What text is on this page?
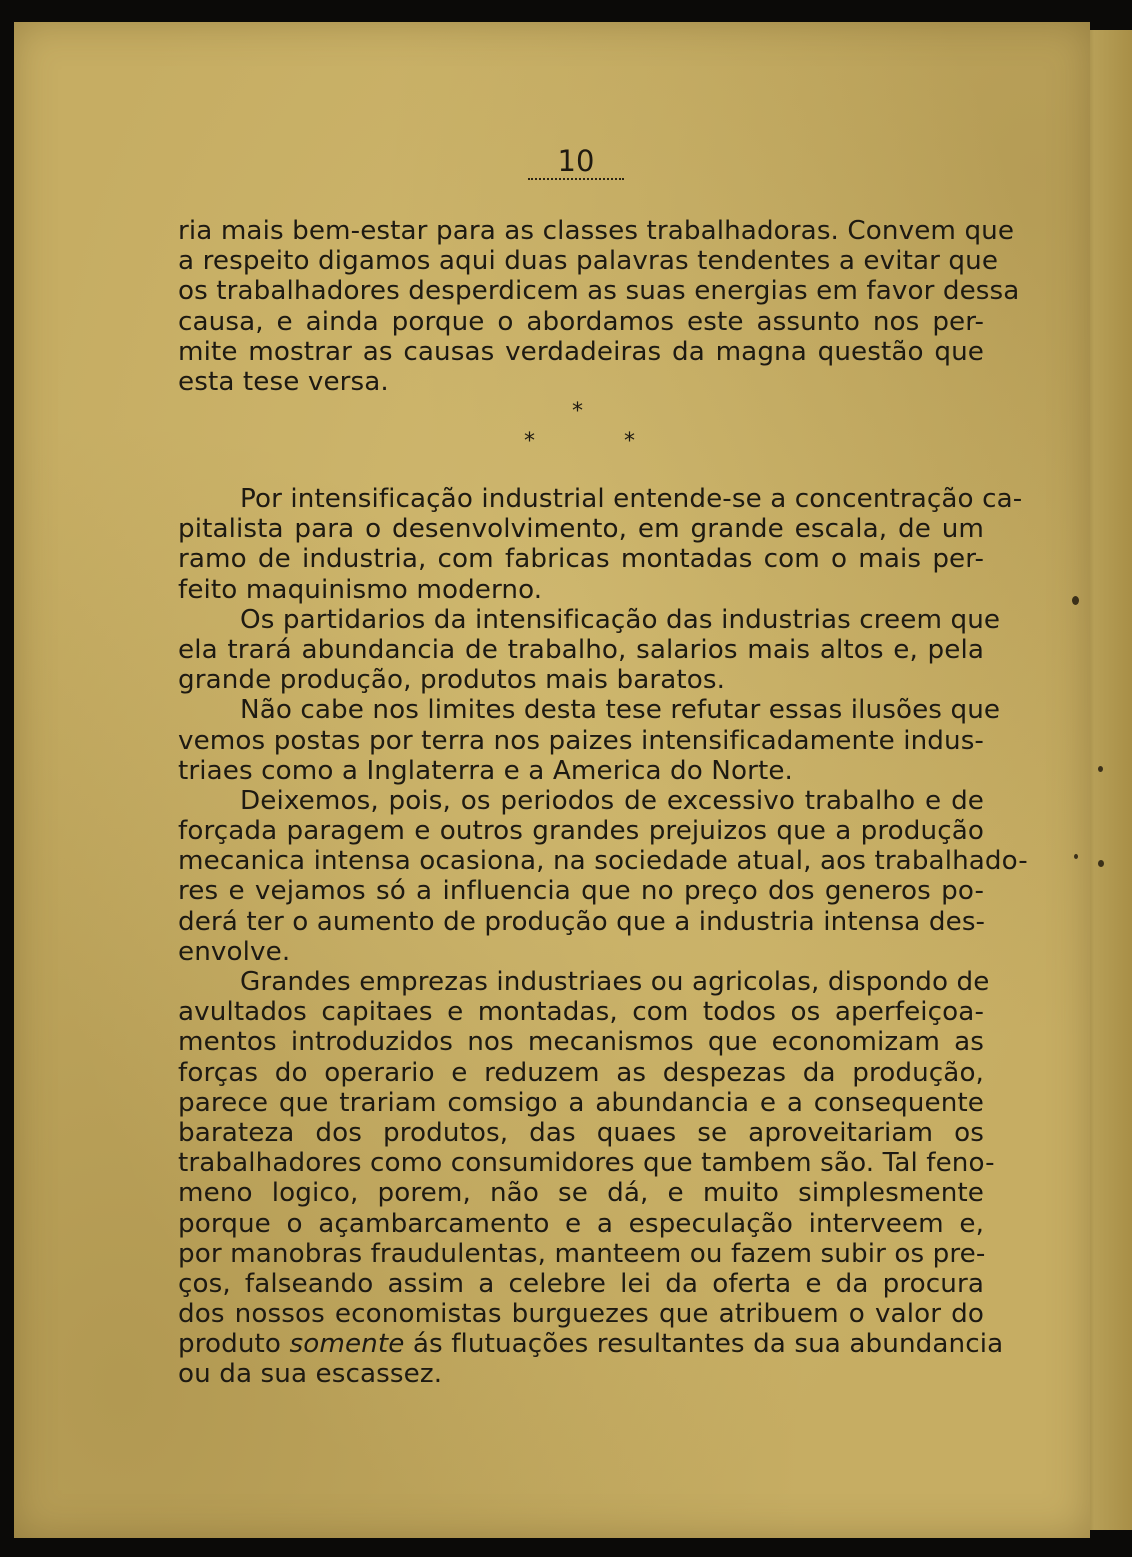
10
ria mais bem-estar para as classes trabalhadoras. Convem que
a respeito digamos aqui duas palavras tendentes a evitar que
os trabalhadores desperdicem as suas energias em favor dessa
causa, e ainda porque o abordamos este assunto nos per-
mite mostrar as causas verdadeiras da magna questão que
esta tese versa.
*
*	*
Por intensificação industrial entende-se a concentração ca-
pitalista para o desenvolvimento, em grande escala, de um
ramo de industria, com fabricas montadas com o mais per-
feito maquinismo moderno.
Os partidarios da intensificação das industrias creem que
ela trará abundancia de trabalho, salarios mais altos e, pela
grande produção, produtos mais baratos.
Não cabe nos limites desta tese refutar essas ilusões que
vemos postas por terra nos paizes intensificadamente indus-
triaes como a Inglaterra e a America do Norte.
Deixemos, pois, os periodos de excessivo trabalho e de
forçada paragem e outros grandes prejuizos que a produção
mecanica intensa ocasiona, na sociedade atual, aos trabalhado-
res e vejamos só a influencia que no preço dos generos po-
derá ter o aumento de produção que a industria intensa des-
envolve.
Grandes emprezas industriaes ou agricolas, dispondo de
avultados capitaes e montadas, com todos os aperfeiçoa-
mentos introduzidos nos mecanismos que economizam as
forças do operario e reduzem as despezas da produção,
parece que trariam comsigo a abundancia e a consequente
barateza dos produtos, das quaes se aproveitariam os
trabalhadores como consumidores que tambem são. Tal feno-
meno logico, porem, não se dá, e muito simplesmente
porque o açambarcamento e a especulação interveem e,
por manobras fraudulentas, manteem ou fazem subir os pre-
ços, falseando assim a celebre lei da oferta e da procura
dos nossos economistas burguezes que atribuem o valor do
produto somente ás flutuações resultantes da sua abundancia
ou da sua escassez.
